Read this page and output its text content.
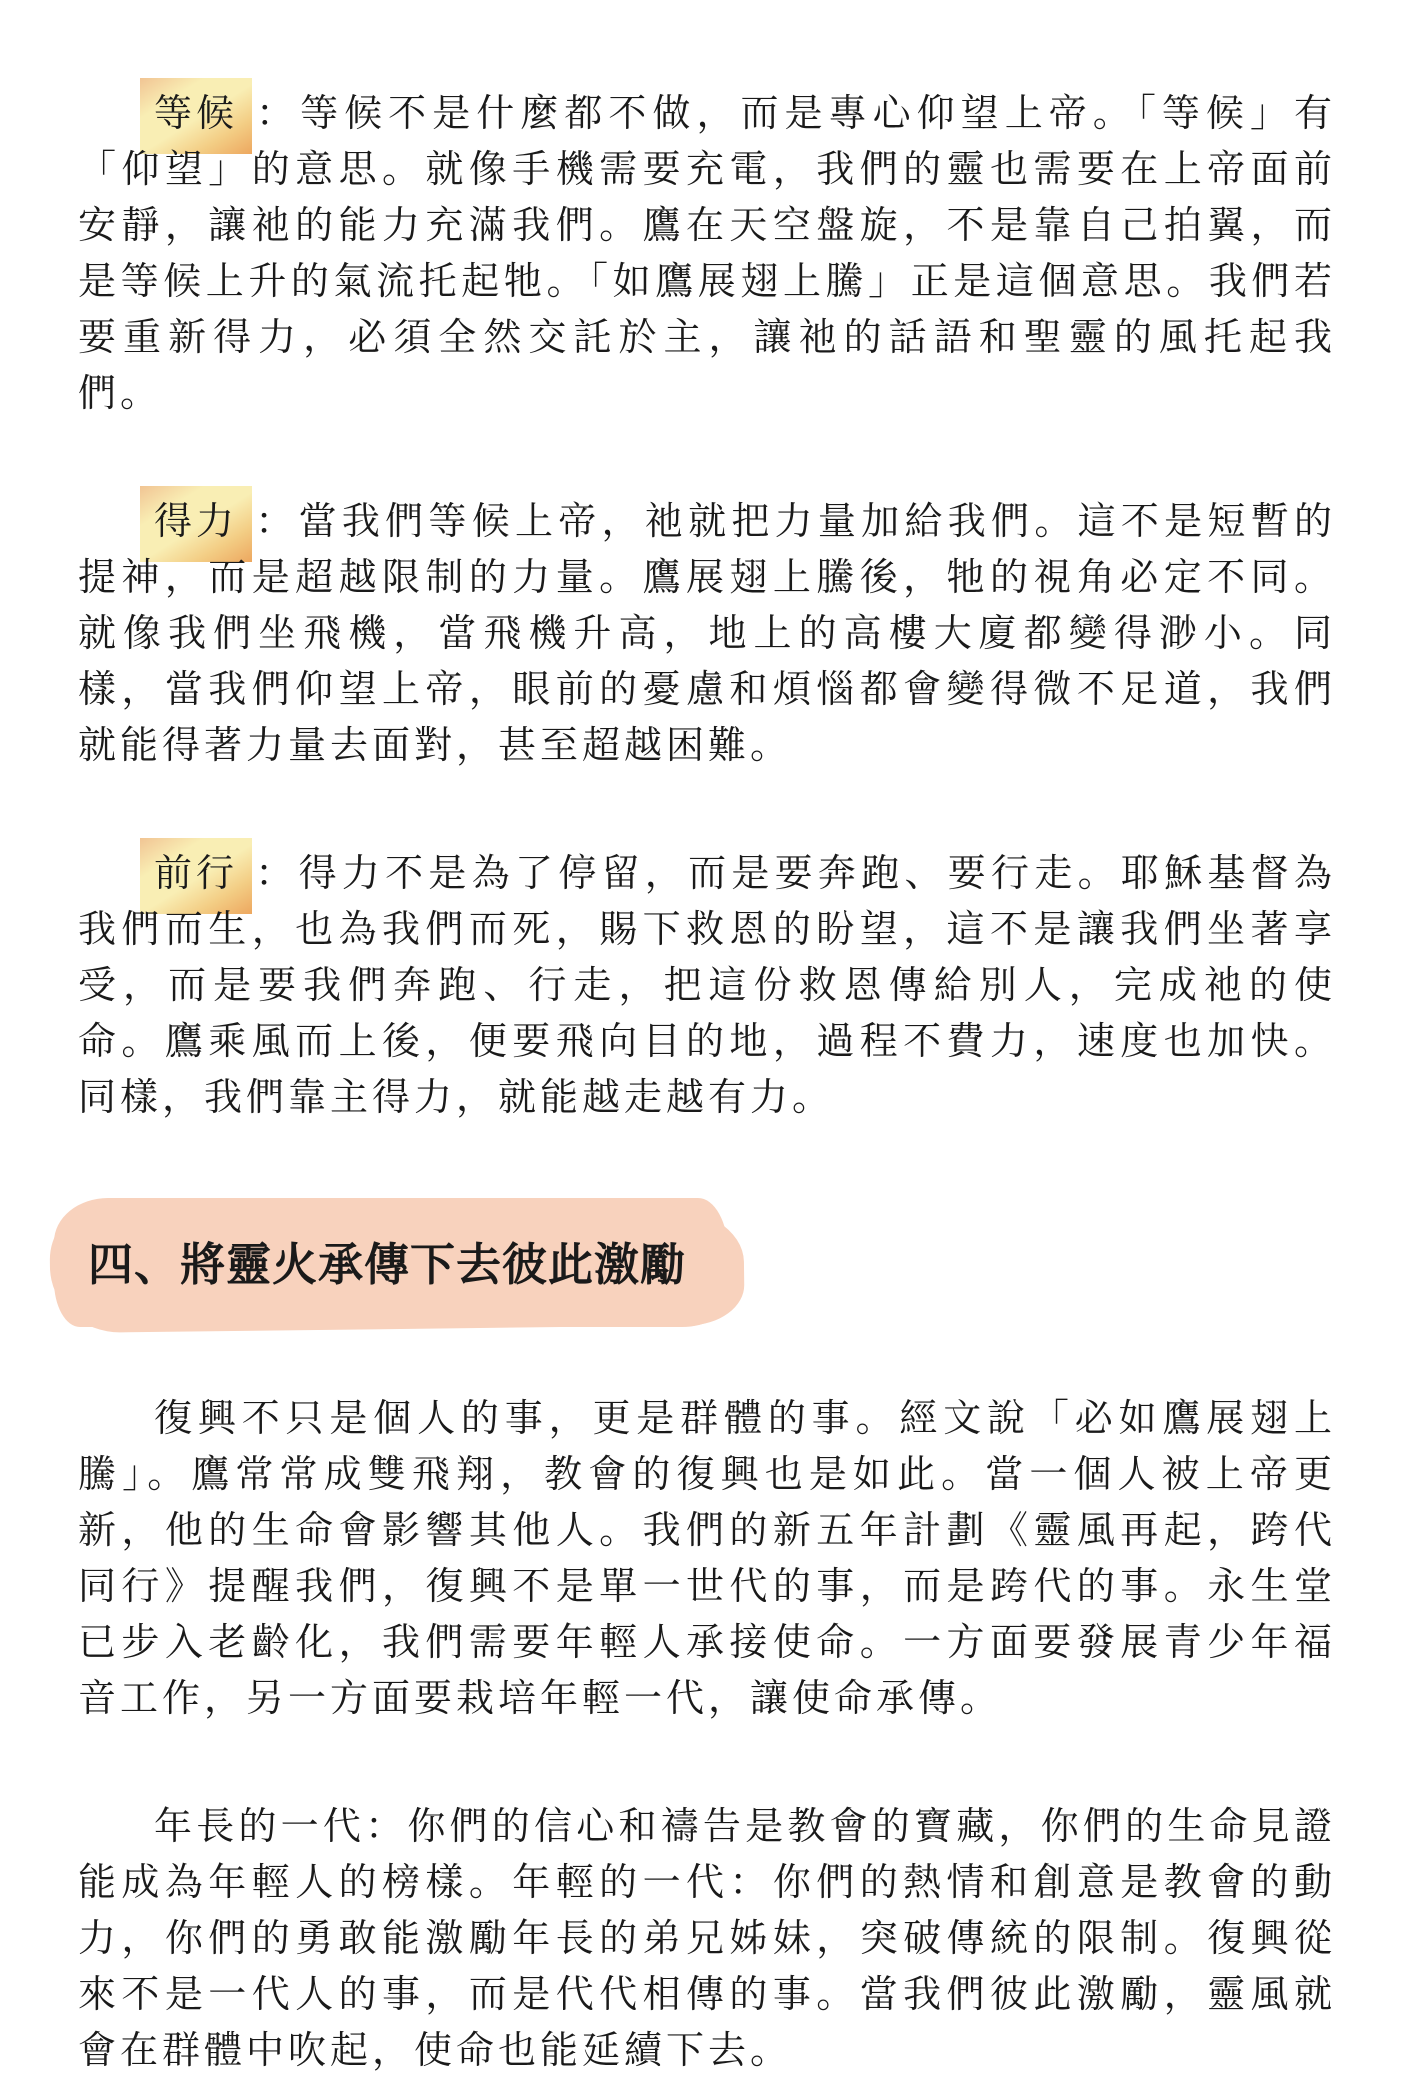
等候 ：等候不是什麼都不做，而是專心仰望上帝。「等候」有「仰望」的意思。就像手機需要充電，我們的靈也需要在上帝面前安靜，讓祂的能力充滿我們。鷹在天空盤旋，不是靠自己拍翼，而是等候上升的氣流托起牠。「如鷹展翅上騰」正是這個意思。我們若要重新得力，必須全然交託於主，讓祂的話語和聖靈的風托起我們。

得力 ：當我們等候上帝，祂就把力量加給我們。這不是短暫的提神，而是超越限制的力量。鷹展翅上騰後，牠的視角必定不同。就像我們坐飛機，當飛機升高，地上的高樓大廈都變得渺小。同樣，當我們仰望上帝，眼前的憂慮和煩惱都會變得微不足道，我們就能得著力量去面對，甚至超越困難。

前行 ：得力不是為了停留，而是要奔跑、要行走。耶穌基督為我們而生，也為我們而死，賜下救恩的盼望，這不是讓我們坐著享受，而是要我們奔跑、行走，把這份救恩傳給別人，完成祂的使命。鷹乘風而上後，便要飛向目的地，過程不費力，速度也加快。同樣，我們靠主得力，就能越走越有力。

四、將靈火承傳下去彼此激勵

復興不只是個人的事，更是群體的事。經文說「必如鷹展翅上騰」。鷹常常成雙飛翔，教會的復興也是如此。當一個人被上帝更新，他的生命會影響其他人。我們的新五年計劃《靈風再起，跨代同行》提醒我們，復興不是單一世代的事，而是跨代的事。永生堂已步入老齡化，我們需要年輕人承接使命。一方面要發展青少年福音工作，另一方面要栽培年輕一代，讓使命承傳。

年長的一代：你們的信心和禱告是教會的寶藏，你們的生命見證能成為年輕人的榜樣。年輕的一代：你們的熱情和創意是教會的動力，你們的勇敢能激勵年長的弟兄姊妹，突破傳統的限制。復興從來不是一代人的事，而是代代相傳的事。當我們彼此激勵，靈風就會在群體中吹起，使命也能延續下去。
